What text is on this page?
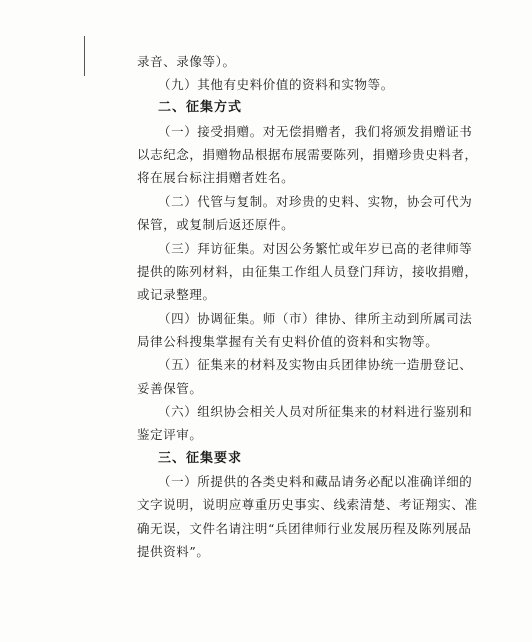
录音、录像等）。
（九）其他有史料价值的资料和实物等。
二、征集方式
（一）接受捐赠。对无偿捐赠者，我们将颁发捐赠证书
以志纪念，捐赠物品根据布展需要陈列，捐赠珍贵史料者，
将在展台标注捐赠者姓名。
（二）代管与复制。对珍贵的史料、实物，协会可代为
保管，或复制后返还原件。
（三）拜访征集。对因公务繁忙或年岁已高的老律师等
提供的陈列材料，由征集工作组人员登门拜访，接收捐赠，
或记录整理。
（四）协调征集。师（市）律协、律所主动到所属司法
局律公科搜集掌握有关有史料价值的资料和实物等。
（五）征集来的材料及实物由兵团律协统一造册登记、
妥善保管。
（六）组织协会相关人员对所征集来的材料进行鉴别和
鉴定评审。
三、征集要求
（一）所提供的各类史料和藏品请务必配以准确详细的
文字说明，说明应尊重历史事实、线索清楚、考证翔实、准
确无误，文件名请注明“兵团律师行业发展历程及陈列展品
提供资料”。
